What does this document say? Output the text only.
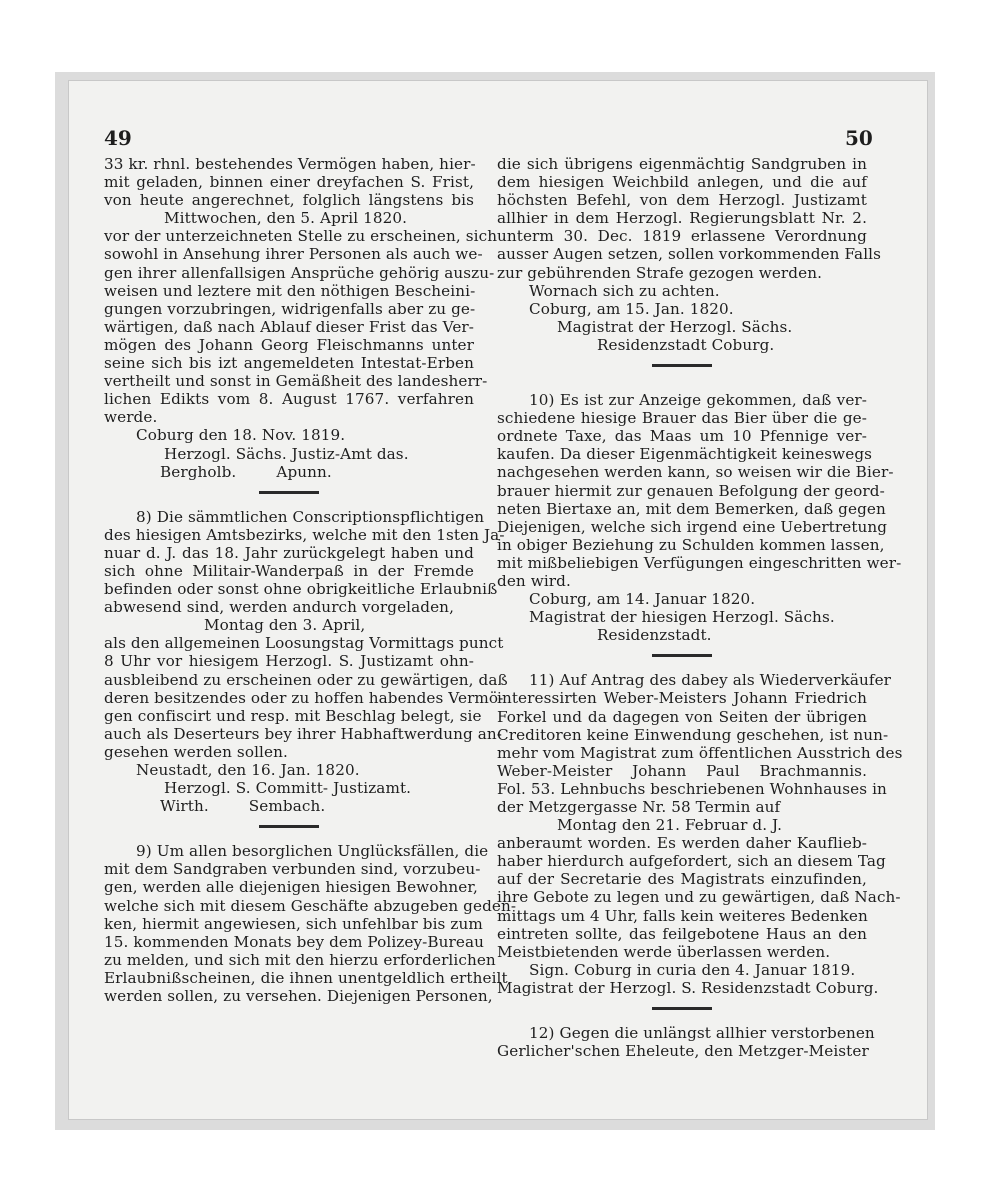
49	50
33 kr. rhnl. bestehendes Vermögen haben, hier-
mit geladen, binnen einer dreyfachen S. Frist,
von heute angerechnet, folglich längstens bis
Mittwochen, den 5. April 1820.
vor der unterzeichneten Stelle zu erscheinen, sich
sowohl in Ansehung ihrer Personen als auch we-
gen ihrer allenfallsigen Ansprüche gehörig auszu-
weisen und leztere mit den nöthigen Bescheini-
gungen vorzubringen, widrigenfalls aber zu ge-
wärtigen, daß nach Ablauf dieser Frist das Ver-
mögen des Johann Georg Fleischmanns unter
seine sich bis izt angemeldeten Intestat-Erben
vertheilt und sonst in Gemäßheit des landesherr-
lichen Edikts vom 8. August 1767. verfahren
werde.
Coburg den 18. Nov. 1819.
Herzogl. Sächs. Justiz-Amt das.
Bergholb.	Apunn.
8) Die sämmtlichen Conscriptionspflichtigen
des hiesigen Amtsbezirks, welche mit den 1sten Ja-
nuar d. J. das 18. Jahr zurückgelegt haben und
sich ohne Militair-Wanderpaß in der Fremde
befinden oder sonst ohne obrigkeitliche Erlaubniß
abwesend sind, werden andurch vorgeladen,
Montag den 3. April,
als den allgemeinen Loosungstag Vormittags punct
8 Uhr vor hiesigem Herzogl. S. Justizamt ohn-
ausbleibend zu erscheinen oder zu gewärtigen, daß
deren besitzendes oder zu hoffen habendes Vermö-
gen confiscirt und resp. mit Beschlag belegt, sie
auch als Deserteurs bey ihrer Habhaftwerdung an-
gesehen werden sollen.
Neustadt, den 16. Jan. 1820.
Herzogl. S. Committ- Justizamt.
Wirth.	Sembach.
9) Um allen besorglichen Unglücksfällen, die
mit dem Sandgraben verbunden sind, vorzubeu-
gen, werden alle diejenigen hiesigen Bewohner,
welche sich mit diesem Geschäfte abzugeben geden-
ken, hiermit angewiesen, sich unfehlbar bis zum
15. kommenden Monats bey dem Polizey-Bureau
zu melden, und sich mit den hierzu erforderlichen
Erlaubnißscheinen, die ihnen unentgeldlich ertheilt
werden sollen, zu versehen. Diejenigen Personen,
die sich übrigens eigenmächtig Sandgruben in
dem hiesigen Weichbild anlegen, und die auf
höchsten Befehl, von dem Herzogl. Justizamt
allhier in dem Herzogl. Regierungsblatt Nr. 2.
unterm 30. Dec. 1819 erlassene Verordnung
ausser Augen setzen, sollen vorkommenden Falls
zur gebührenden Strafe gezogen werden.
Wornach sich zu achten.
Coburg, am 15. Jan. 1820.
Magistrat der Herzogl. Sächs.
Residenzstadt Coburg.
10) Es ist zur Anzeige gekommen, daß ver-
schiedene hiesige Brauer das Bier über die ge-
ordnete Taxe, das Maas um 10 Pfennige ver-
kaufen. Da dieser Eigenmächtigkeit keineswegs
nachgesehen werden kann, so weisen wir die Bier-
brauer hiermit zur genauen Befolgung der geord-
neten Biertaxe an, mit dem Bemerken, daß gegen
Diejenigen, welche sich irgend eine Uebertretung
in obiger Beziehung zu Schulden kommen lassen,
mit mißbeliebigen Verfügungen eingeschritten wer-
den wird.
Coburg, am 14. Januar 1820.
Magistrat der hiesigen Herzogl. Sächs.
Residenzstadt.
11) Auf Antrag des dabey als Wiederverkäufer
interessirten Weber-Meisters Johann Friedrich
Forkel und da dagegen von Seiten der übrigen
Creditoren keine Einwendung geschehen, ist nun-
mehr vom Magistrat zum öffentlichen Ausstrich des
Weber-Meister Johann Paul Brachmannis.
Fol. 53. Lehnbuchs beschriebenen Wohnhauses in
der Metzgergasse Nr. 58 Termin auf
Montag den 21. Februar d. J.
anberaumt worden. Es werden daher Kauflieb-
haber hierdurch aufgefordert, sich an diesem Tag
auf der Secretarie des Magistrats einzufinden,
ihre Gebote zu legen und zu gewärtigen, daß Nach-
mittags um 4 Uhr, falls kein weiteres Bedenken
eintreten sollte, das feilgebotene Haus an den
Meistbietenden werde überlassen werden.
Sign. Coburg in curia den 4. Januar 1819.
Magistrat der Herzogl. S. Residenzstadt Coburg.
12) Gegen die unlängst allhier verstorbenen
Gerlicher'schen Eheleute, den Metzger-Meister
